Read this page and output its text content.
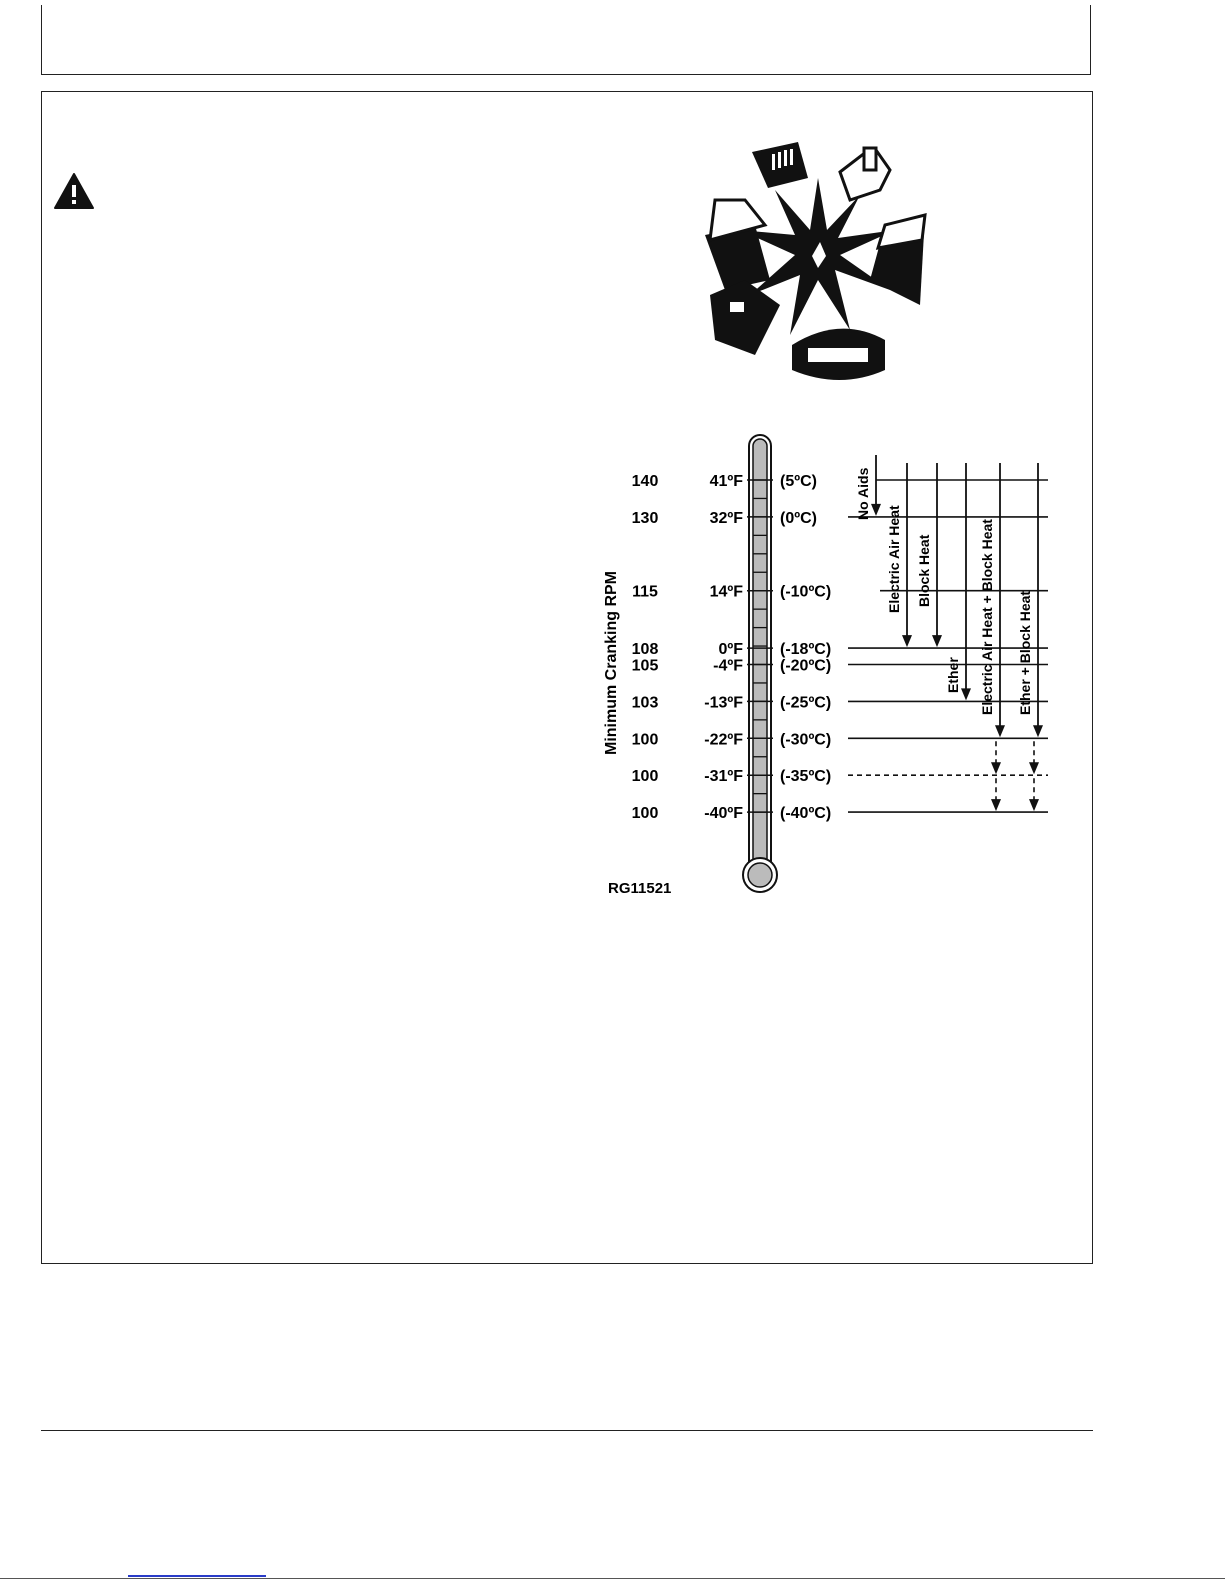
Minimum Cranking RPM
RG11521
140	41ºF (5ºC)
130	32ºF (0ºC)
115	14ºF (-10ºC)
108	0ºF (-18ºC)
105	-4ºF (-20ºC)
103	-13ºF (-25ºC)
100	-22ºF (-30ºC)
100	-31ºF (-35ºC)
100	-40ºF (-40ºC)
No Aids
Electric Air Heat Block Heat
Ether Electric Air Heat + Block Heat Ether + Block Heat
